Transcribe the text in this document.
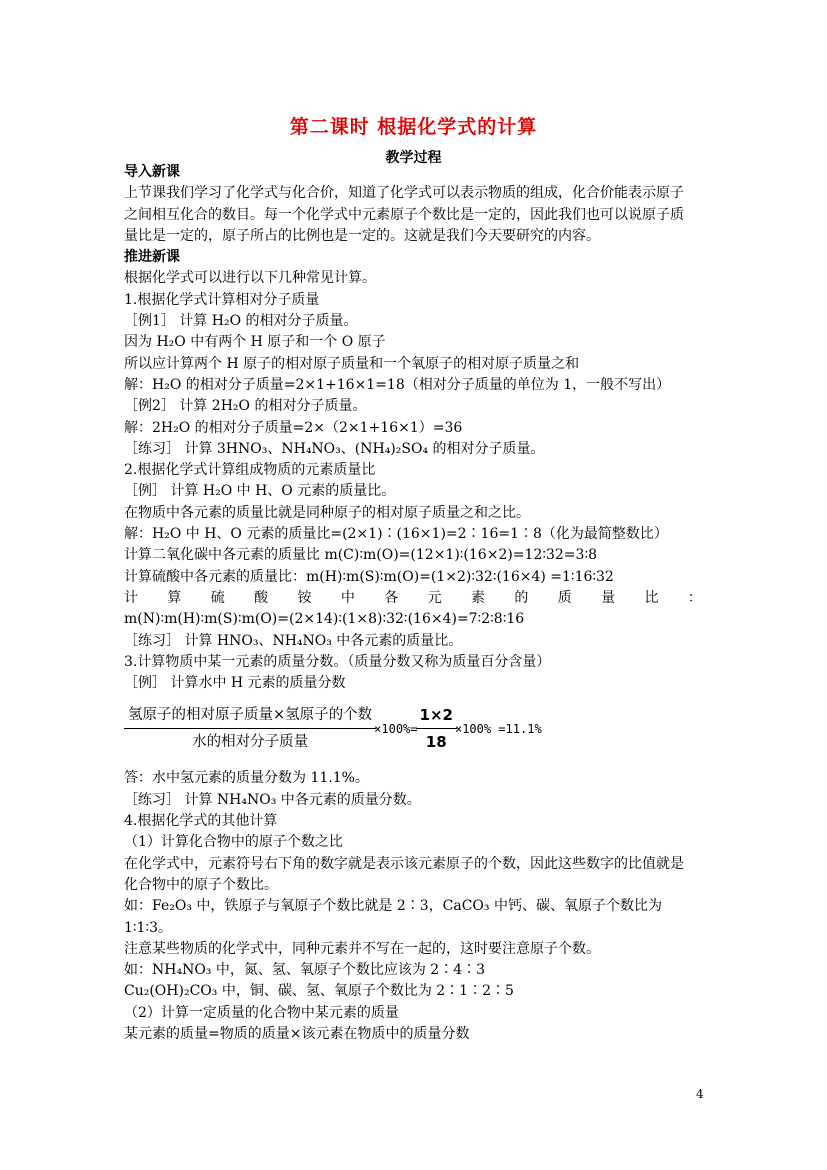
第二课时 根据化学式的计算
教学过程
导入新课
上节课我们学习了化学式与化合价，知道了化学式可以表示物质的组成，化合价能表示原子
之间相互化合的数目。每一个化学式中元素原子个数比是一定的，因此我们也可以说原子质
量比是一定的，原子所占的比例也是一定的。这就是我们今天要研究的内容。
推进新课
根据化学式可以进行以下几种常见计算。
1.根据化学式计算相对分子质量
［例1］ 计算 H₂O 的相对分子质量。
因为 H₂O 中有两个 H 原子和一个 O 原子
所以应计算两个 H 原子的相对原子质量和一个氧原子的相对原子质量之和
解：H₂O 的相对分子质量=2×1+16×1=18（相对分子质量的单位为 1，一般不写出）
［例2］ 计算 2H₂O 的相对分子质量。
解：2H₂O 的相对分子质量=2×（2×1+16×1）=36
［练习］ 计算 3HNO₃、NH₄NO₃、(NH₄)₂SO₄ 的相对分子质量。
2.根据化学式计算组成物质的元素质量比
［例］ 计算 H₂O 中 H、O 元素的质量比。
在物质中各元素的质量比就是同种原子的相对原子质量之和之比。
解：H₂O 中 H、O 元素的质量比=(2×1)∶(16×1)=2∶16=1∶8（化为最简整数比）
计算二氧化碳中各元素的质量比 m(C)∶m(O)=(12×1)∶(16×2)=12∶32=3∶8
计算硫酸中各元素的质量比：m(H)∶m(S)∶m(O)=(1×2)∶32∶(16×4) =1∶16∶32
计 算 硫 酸 铵 中 各 元 素 的 质 量 比 ：
m(N)∶m(H)∶m(S)∶m(O)=(2×14)∶(1×8)∶32∶(16×4)=7∶2∶8∶16
［练习］ 计算 HNO₃、NH₄NO₃ 中各元素的质量比。
3.计算物质中某一元素的质量分数。（质量分数又称为质量百分含量）
［例］ 计算水中 H 元素的质量分数
$\frac{\text{氢原子的相对原子质量×氢原子的个数}}{\text{水的相对分子质量}} \times 100\%= \frac{1\times 2}{18} \times 100\% =11.1\%$
答：水中氢元素的质量分数为 11.1%。
［练习］ 计算 NH₄NO₃ 中各元素的质量分数。
4.根据化学式的其他计算
（1）计算化合物中的原子个数之比
在化学式中，元素符号右下角的数字就是表示该元素原子的个数，因此这些数字的比值就是
化合物中的原子个数比。
如：Fe₂O₃ 中，铁原子与氧原子个数比就是 2∶3，CaCO₃ 中钙、碳、氧原子个数比为
1∶1∶3。
注意某些物质的化学式中，同种元素并不写在一起的，这时要注意原子个数。
如：NH₄NO₃ 中，氮、氢、氧原子个数比应该为 2∶4∶3
Cu₂(OH)₂CO₃ 中，铜、碳、氢、氧原子个数比为 2∶1∶2∶5
（2）计算一定质量的化合物中某元素的质量
某元素的质量=物质的质量×该元素在物质中的质量分数
4
